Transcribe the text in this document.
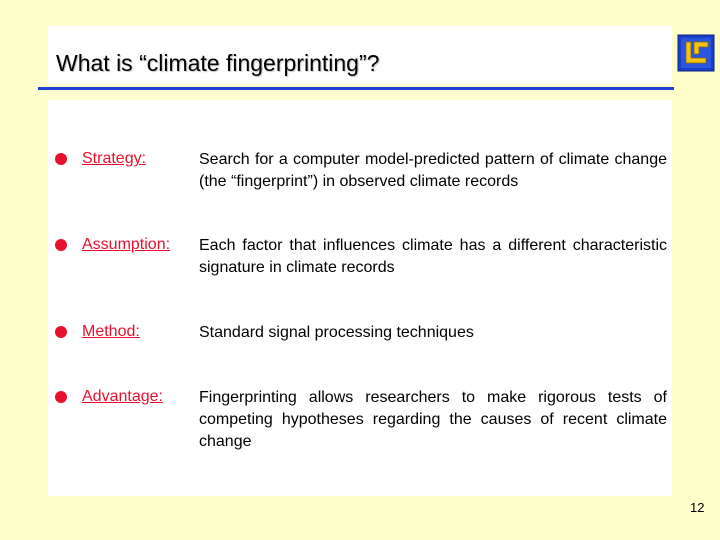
What is “climate fingerprinting”?
Strategy:	Search for a computer model-predicted pattern of climate change (the “fingerprint”) in observed climate records
Assumption: Each factor that influences climate has a different characteristic signature in climate records
Method:	Standard signal processing techniques
Advantage: Fingerprinting allows researchers to make rigorous tests of competing hypotheses regarding the causes of recent climate change
12
